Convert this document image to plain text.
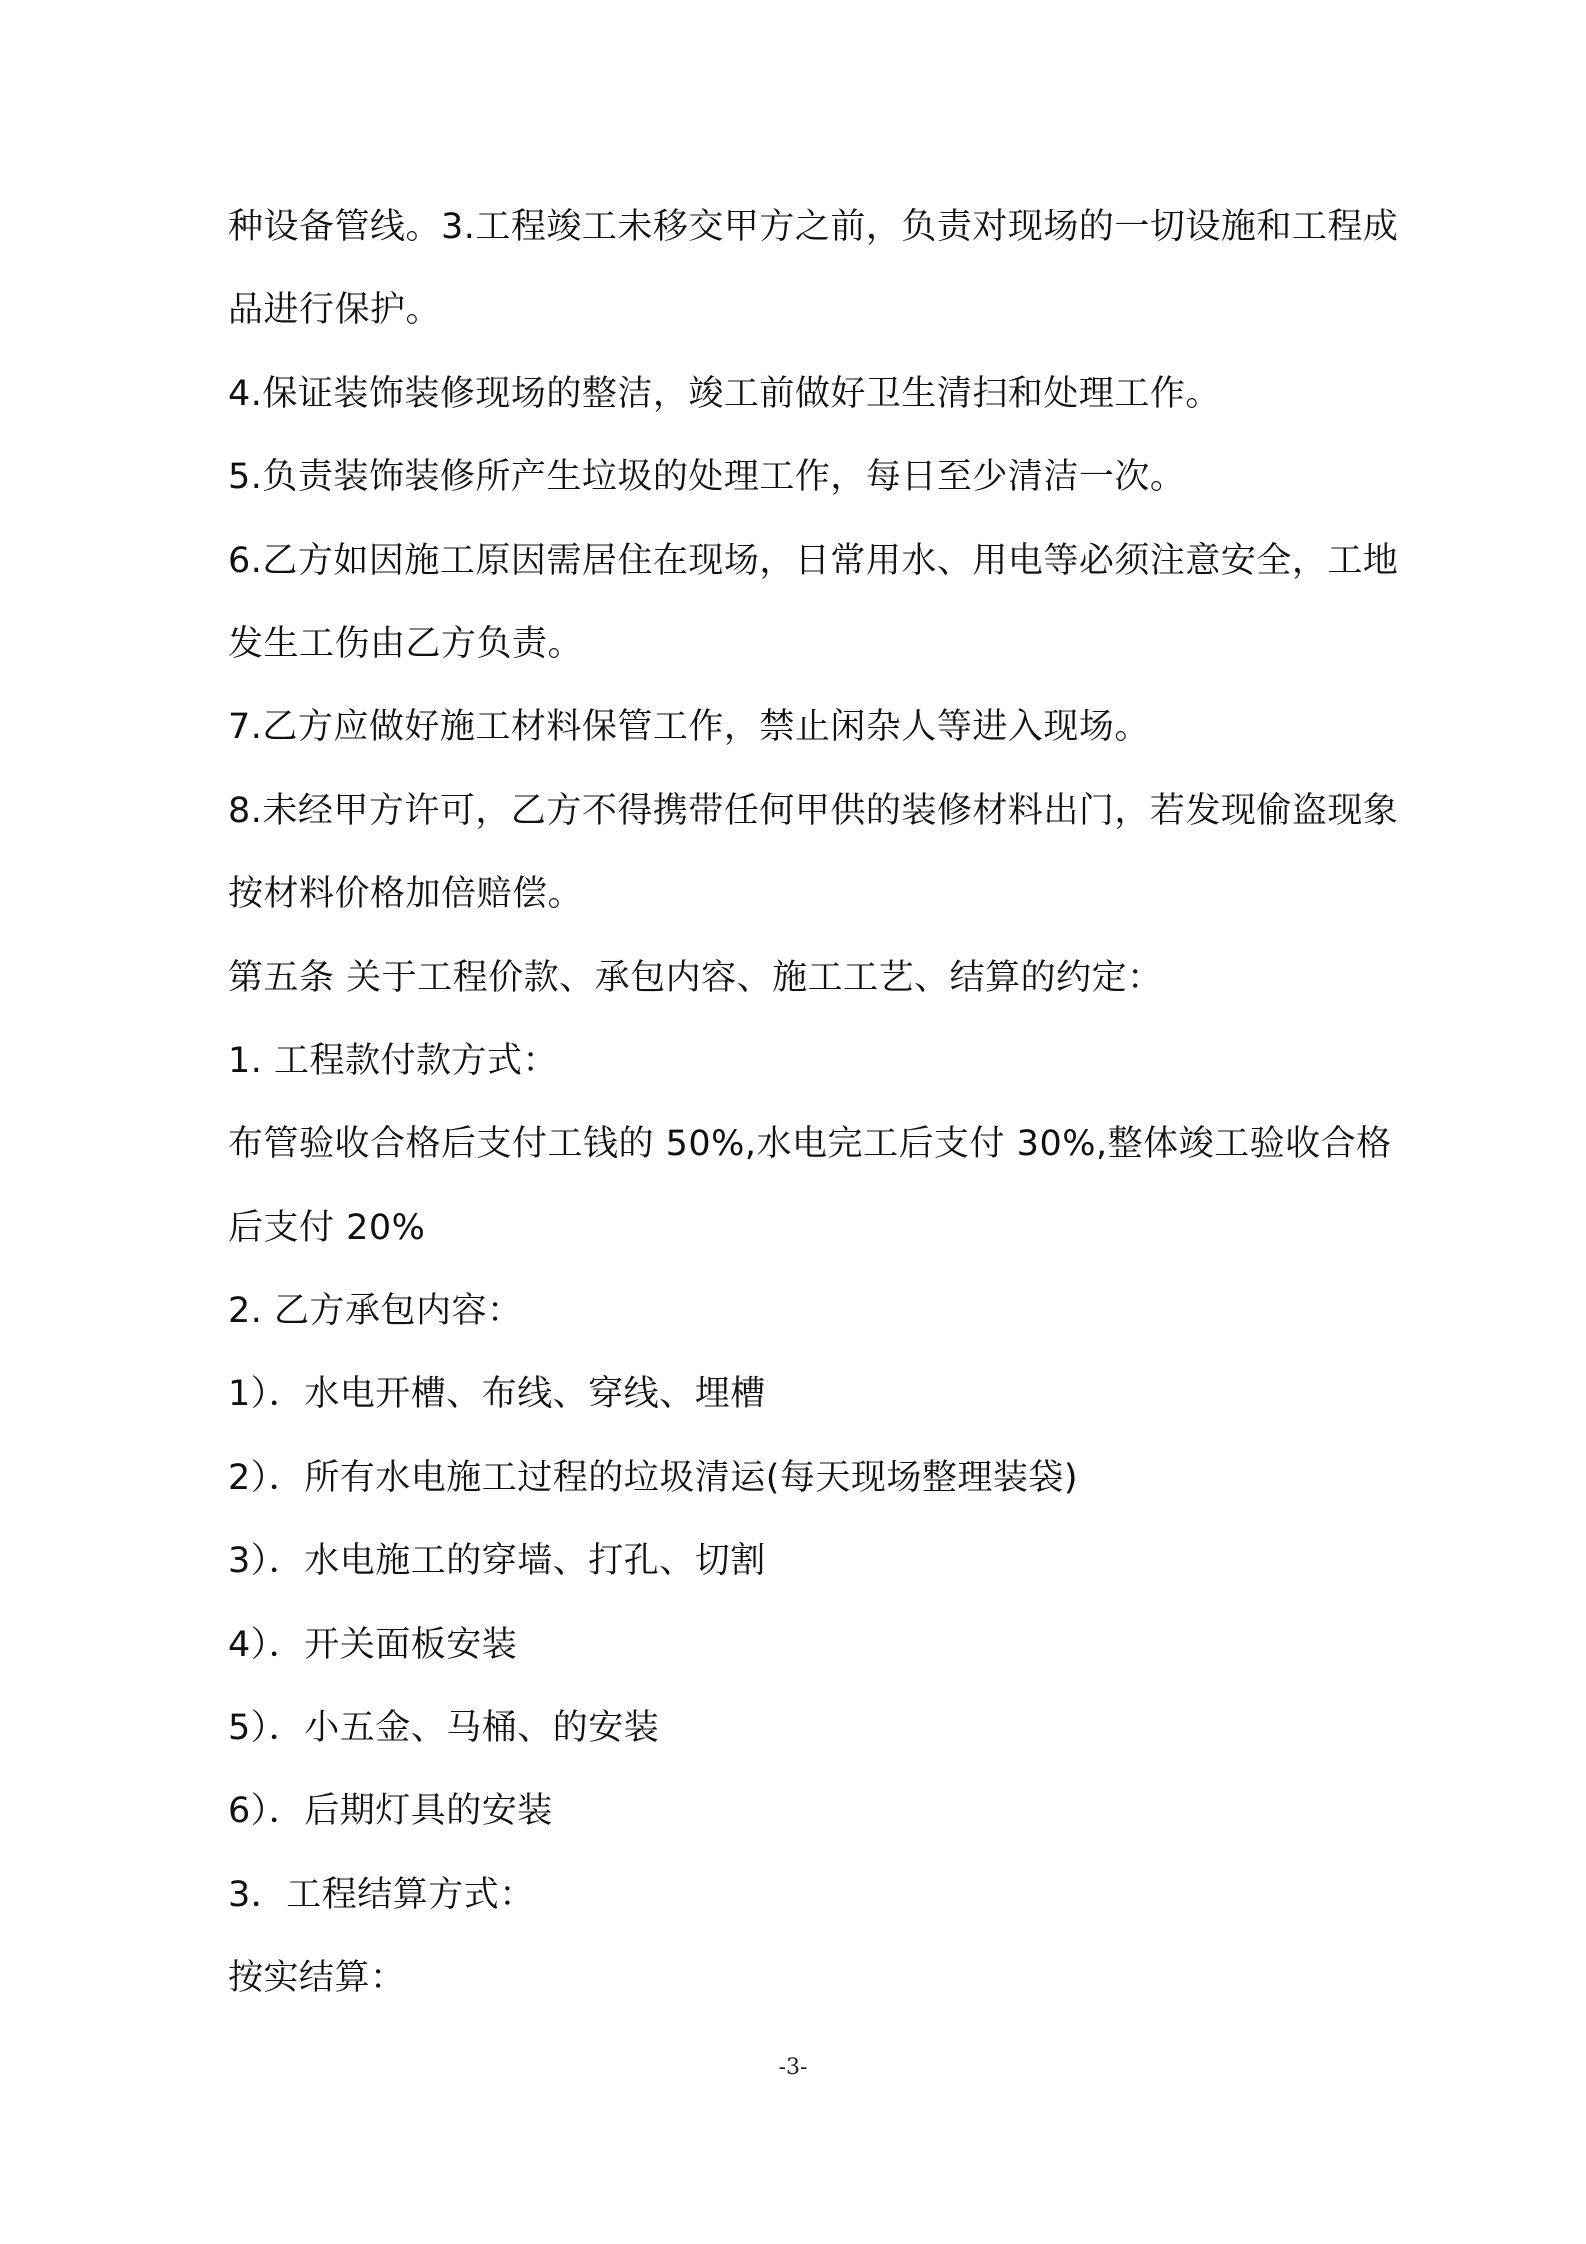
种设备管线。3.工程竣工未移交甲方之前，负责对现场的一切设施和工程成
品进行保护。
4.保证装饰装修现场的整洁，竣工前做好卫生清扫和处理工作。
5.负责装饰装修所产生垃圾的处理工作，每日至少清洁一次。
6.乙方如因施工原因需居住在现场，日常用水、用电等必须注意安全，工地
发生工伤由乙方负责。
7.乙方应做好施工材料保管工作，禁止闲杂人等进入现场。
8.未经甲方许可，乙方不得携带任何甲供的装修材料出门，若发现偷盗现象
按材料价格加倍赔偿。
第五条 关于工程价款、承包内容、施工工艺、结算的约定：
1. 工程款付款方式：
布管验收合格后支付工钱的 50%,水电完工后支付 30%,整体竣工验收合格
后支付 20%
2. 乙方承包内容：
1）．水电开槽、布线、穿线、埋槽
2）．所有水电施工过程的垃圾清运(每天现场整理装袋)
3）．水电施工的穿墙、打孔、切割
4）．开关面板安装
5）．小五金、马桶、的安装
6）．后期灯具的安装
3．工程结算方式：
按实结算：
-3-
